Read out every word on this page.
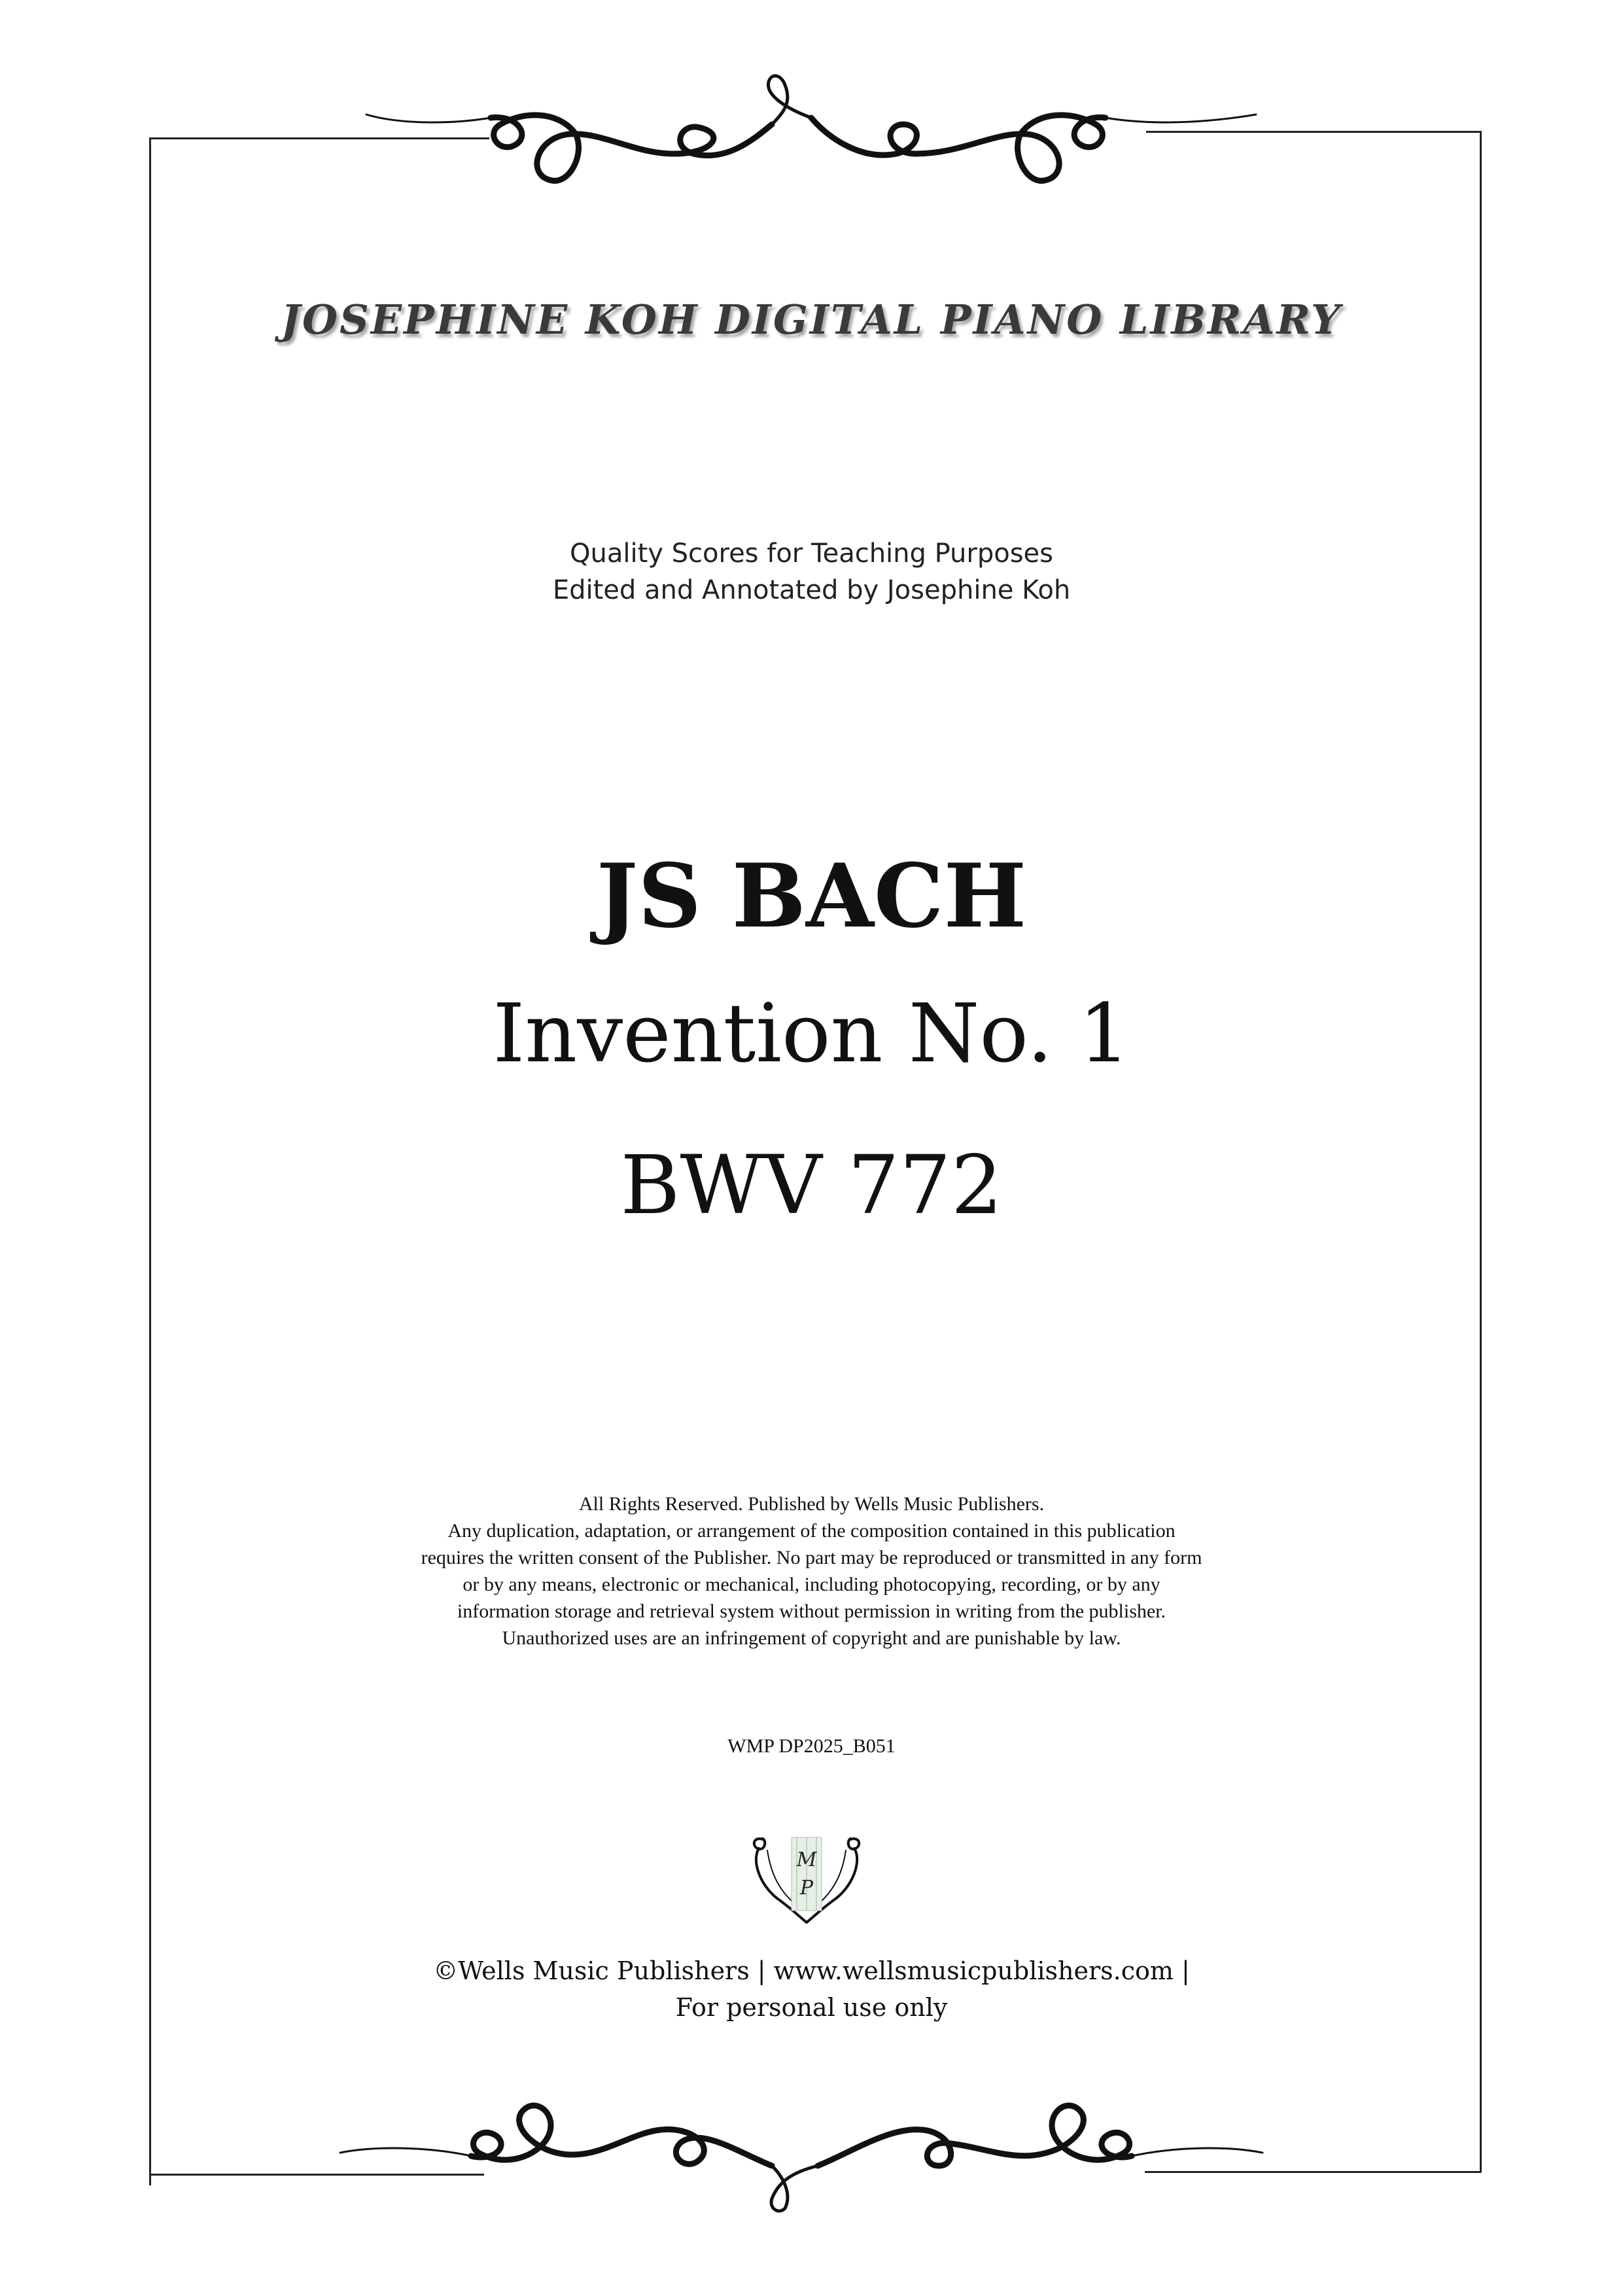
JOSEPHINE KOH DIGITAL PIANO LIBRARY
Quality Scores for Teaching Purposes
Edited and Annotated by Josephine Koh
JS BACH
Invention No. 1
BWV 772
All Rights Reserved. Published by Wells Music Publishers.
Any duplication, adaptation, or arrangement of the composition contained in this publication
requires the written consent of the Publisher. No part may be reproduced or transmitted in any form
or by any means, electronic or mechanical, including photocopying, recording, or by any
information storage and retrieval system without permission in writing from the publisher.
Unauthorized uses are an infringement of copyright and are punishable by law.
WMP DP2025_B051
M
P
©Wells Music Publishers | www.wellsmusicpublishers.com |
For personal use only
